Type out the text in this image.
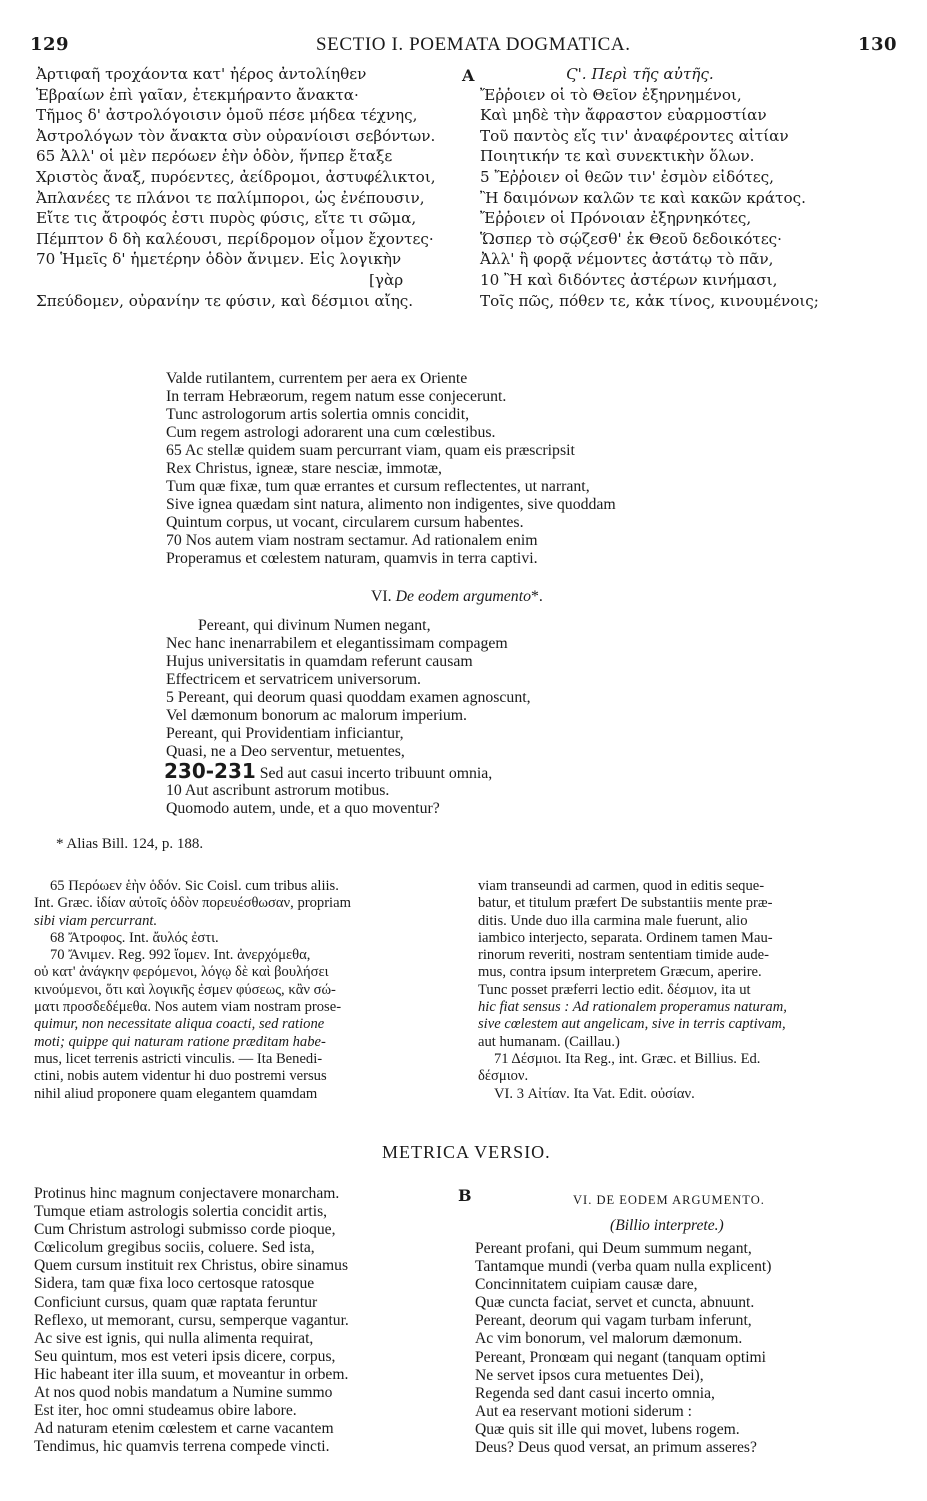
129	SECTIO I. POEMATA DOGMATICA.	130
Ἀρτιφαῆ τροχάοντα κατ' ἠέρος ἀντολίηθεν
Ἑβραίων ἐπὶ γαῖαν, ἐτεκμήραντο ἄνακτα·
Τῆμος δ' ἀστρολόγοισιν ὁμοῦ πέσε μήδεα τέχνης,
Ἀστρολόγων τὸν ἄνακτα σὺν οὐρανίοισι σεβόντων.
65 Ἀλλ' οἱ μὲν περόωεν ἑὴν ὁδὸν, ἥνπερ ἔταξε
Χριστὸς ἄναξ, πυρόεντες, ἀείδρομοι, ἀστυφέλικτοι,
Ἀπλανέες τε πλάνοι τε παλίμποροι, ὡς ἐνέπουσιν,
Εἴτε τις ἄτροφός ἐστι πυρὸς φύσις, εἴτε τι σῶμα,
Πέμπτον δ δὴ καλέουσι, περίδρομον οἶμον ἔχοντες·
70 Ἡμεῖς δ' ἡμετέρην ὁδὸν ἄνιμεν. Εἰς λογικὴν
[γὰρ
Σπεύδομεν, οὐρανίην τε φύσιν, καὶ δέσμιοι αἴης.
A	Ϛ'. Περὶ τῆς αὐτῆς.
Ἔῤῥοιεν οἱ τὸ Θεῖον ἐξηρνημένοι,
Καὶ μηδὲ τὴν ἄφραστον εὐαρμοστίαν
Τοῦ παντὸς εἴς τιν' ἀναφέροντες αἰτίαν
Ποιητικήν τε καὶ συνεκτικὴν ὅλων.
5 Ἔῤῥοιεν οἱ θεῶν τιν' ἐσμὸν εἰδότες,
Ἢ δαιμόνων καλῶν τε καὶ κακῶν κράτος.
Ἔῤῥοιεν οἱ Πρόνοιαν ἐξηρνηκότες,
Ὥσπερ τὸ σῴζεσθ' ἐκ Θεοῦ δεδοικότες·
Ἀλλ' ἢ φορᾷ νέμοντες ἀστάτῳ τὸ πᾶν,
10 Ἢ καὶ διδόντες ἀστέρων κινήμασι,
Τοῖς πῶς, πόθεν τε, κἀκ τίνος, κινουμένοις;
Valde rutilantem, currentem per aera ex Oriente
In terram Hebræorum, regem natum esse conjecerunt.
Tunc astrologorum artis solertia omnis concidit,
Cum regem astrologi adorarent una cum cœlestibus.
65 Ac stellæ quidem suam percurrant viam, quam eis præscripsit
Rex Christus, igneæ, stare nesciæ, immotæ,
Tum quæ fixæ, tum quæ errantes et cursum reflectentes, ut narrant,
Sive ignea quædam sint natura, alimento non indigentes, sive quoddam
Quintum corpus, ut vocant, circularem cursum habentes.
70 Nos autem viam nostram sectamur. Ad rationalem enim
Properamus et cœlestem naturam, quamvis in terra captivi.
VI. De eodem argumento*.
Pereant, qui divinum Numen negant,
Nec hanc inenarrabilem et elegantissimam compagem
Hujus universitatis in quamdam referunt causam
Effectricem et servatricem universorum.
5 Pereant, qui deorum quasi quoddam examen agnoscunt,
Vel dæmonum bonorum ac malorum imperium.
Pereant, qui Providentiam inficiantur,
Quasi, ne a Deo serventur, metuentes,
230-231 Sed aut casui incerto tribuunt omnia,
10 Aut ascribunt astrorum motibus.
Quomodo autem, unde, et a quo moventur?
* Alias Bill. 124, p. 188.
65 Περόωεν ἑὴν ὁδόν. Sic Coisl. cum tribus aliis.
Int. Græc. ἰδίαν αὐτοῖς ὁδὸν πορευέσθωσαν, propriam
sibi viam percurrant.
68 Ἄτροφος. Int. ἄυλός ἐστι.
70 Ἄνιμεν. Reg. 992 ἴομεν. Int. ἀνερχόμεθα,
οὐ κατ' ἀνάγκην φερόμενοι, λόγῳ δὲ καὶ βουλήσει
κινούμενοι, ὅτι καὶ λογικῆς ἐσμεν φύσεως, κἂν σώ-
ματι προσδεδέμεθα. Nos autem viam nostram prose-
quimur, non necessitate aliqua coacti, sed ratione
moti; quippe qui naturam ratione præditam habe-
mus, licet terrenis astricti vinculis. — Ita Benedi-
ctini, nobis autem videntur hi duo postremi versus
nihil aliud proponere quam elegantem quamdam
viam transeundi ad carmen, quod in editis seque-
batur, et titulum præfert De substantiis mente præ-
ditis. Unde duo illa carmina male fuerunt, alio
iambico interjecto, separata. Ordinem tamen Mau-
rinorum reveriti, nostram sententiam timide aude-
mus, contra ipsum interpretem Græcum, aperire.
Tunc posset præferri lectio edit. δέσμιον, ita ut
hic fiat sensus : Ad rationalem properamus naturam,
sive cœlestem aut angelicam, sive in terris captivam,
aut humanam. (Caillau.)
71 Δέσμιοι. Ita Reg., int. Græc. et Billius. Ed.
δέσμιον.
VI. 3 Αἰτίαν. Ita Vat. Edit. οὐσίαν.
METRICA VERSIO.
Protinus hinc magnum conjectavere monarcham.
Tumque etiam astrologis solertia concidit artis,
Cum Christum astrologi submisso corde pioque,
Cœlicolum gregibus sociis, coluere. Sed ista,
Quem cursum instituit rex Christus, obire sinamus
Sidera, tam quæ fixa loco certosque ratosque
Conficiunt cursus, quam quæ raptata feruntur
Reflexo, ut memorant, cursu, semperque vagantur.
Ac sive est ignis, qui nulla alimenta requirat,
Seu quintum, mos est veteri ipsis dicere, corpus,
Hic habeant iter illa suum, et moveantur in orbem.
At nos quod nobis mandatum a Numine summo
Est iter, hoc omni studeamus obire labore.
Ad naturam etenim cœlestem et carne vacantem
Tendimus, hic quamvis terrena compede vincti.
B	VI. DE EODEM ARGUMENTO.
(Billio interprete.)
Pereant profani, qui Deum summum negant,
Tantamque mundi (verba quam nulla explicent)
Concinnitatem cuipiam causæ dare,
Quæ cuncta faciat, servet et cuncta, abnuunt.
Pereant, deorum qui vagam turbam inferunt,
Ac vim bonorum, vel malorum dæmonum.
Pereant, Pronœam qui negant (tanquam optimi
Ne servet ipsos cura metuentes Dei),
Regenda sed dant casui incerto omnia,
Aut ea reservant motioni siderum :
Quæ quis sit ille qui movet, lubens rogem.
Deus? Deus quod versat, an primum asseres?
